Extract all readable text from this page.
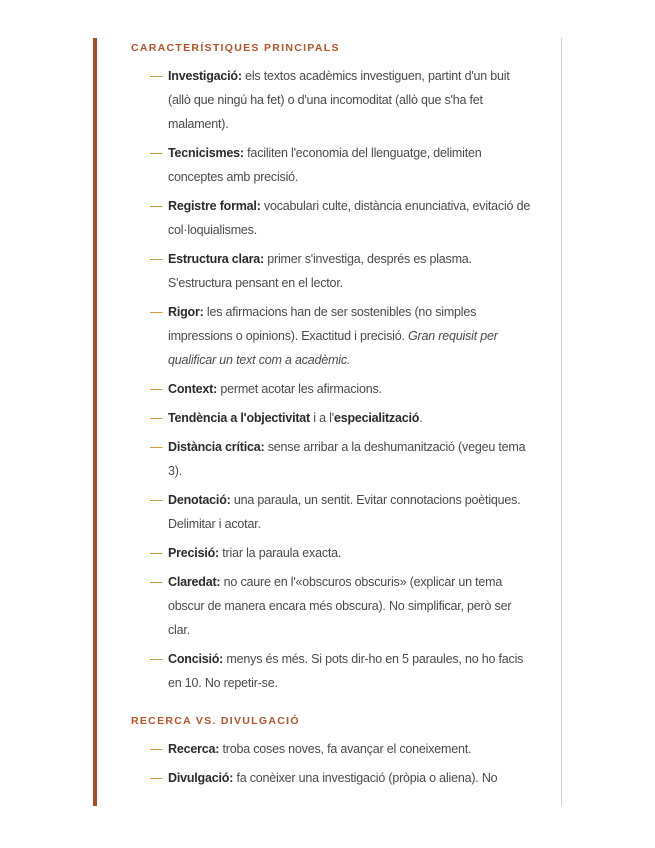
CARACTERÍSTIQUES PRINCIPALS
— Investigació: els textos acadèmics investiguen, partint d'un buit (allò que ningú ha fet) o d'una incomoditat (allò que s'ha fet malament).
— Tecnicismes: faciliten l'economia del llenguatge, delimiten conceptes amb precisió.
— Registre formal: vocabulari culte, distància enunciativa, evitació de col·loquialismes.
— Estructura clara: primer s'investiga, després es plasma. S'estructura pensant en el lector.
— Rigor: les afirmacions han de ser sostenibles (no simples impressions o opinions). Exactitud i precisió. Gran requisit per qualificar un text com a acadèmic.
— Context: permet acotar les afirmacions.
— Tendència a l'objectivitat i a l'especialització.
— Distància crítica: sense arribar a la deshumanització (vegeu tema 3).
— Denotació: una paraula, un sentit. Evitar connotacions poètiques. Delimitar i acotar.
— Precisió: triar la paraula exacta.
— Claredat: no caure en l'«obscuros obscuris» (explicar un tema obscur de manera encara més obscura). No simplificar, però ser clar.
— Concisió: menys és més. Si pots dir-ho en 5 paraules, no ho facis en 10. No repetir-se.
RECERCA VS. DIVULGACIÓ
— Recerca: troba coses noves, fa avançar el coneixement.
— Divulgació: fa conèixer una investigació (pròpia o aliena). No
